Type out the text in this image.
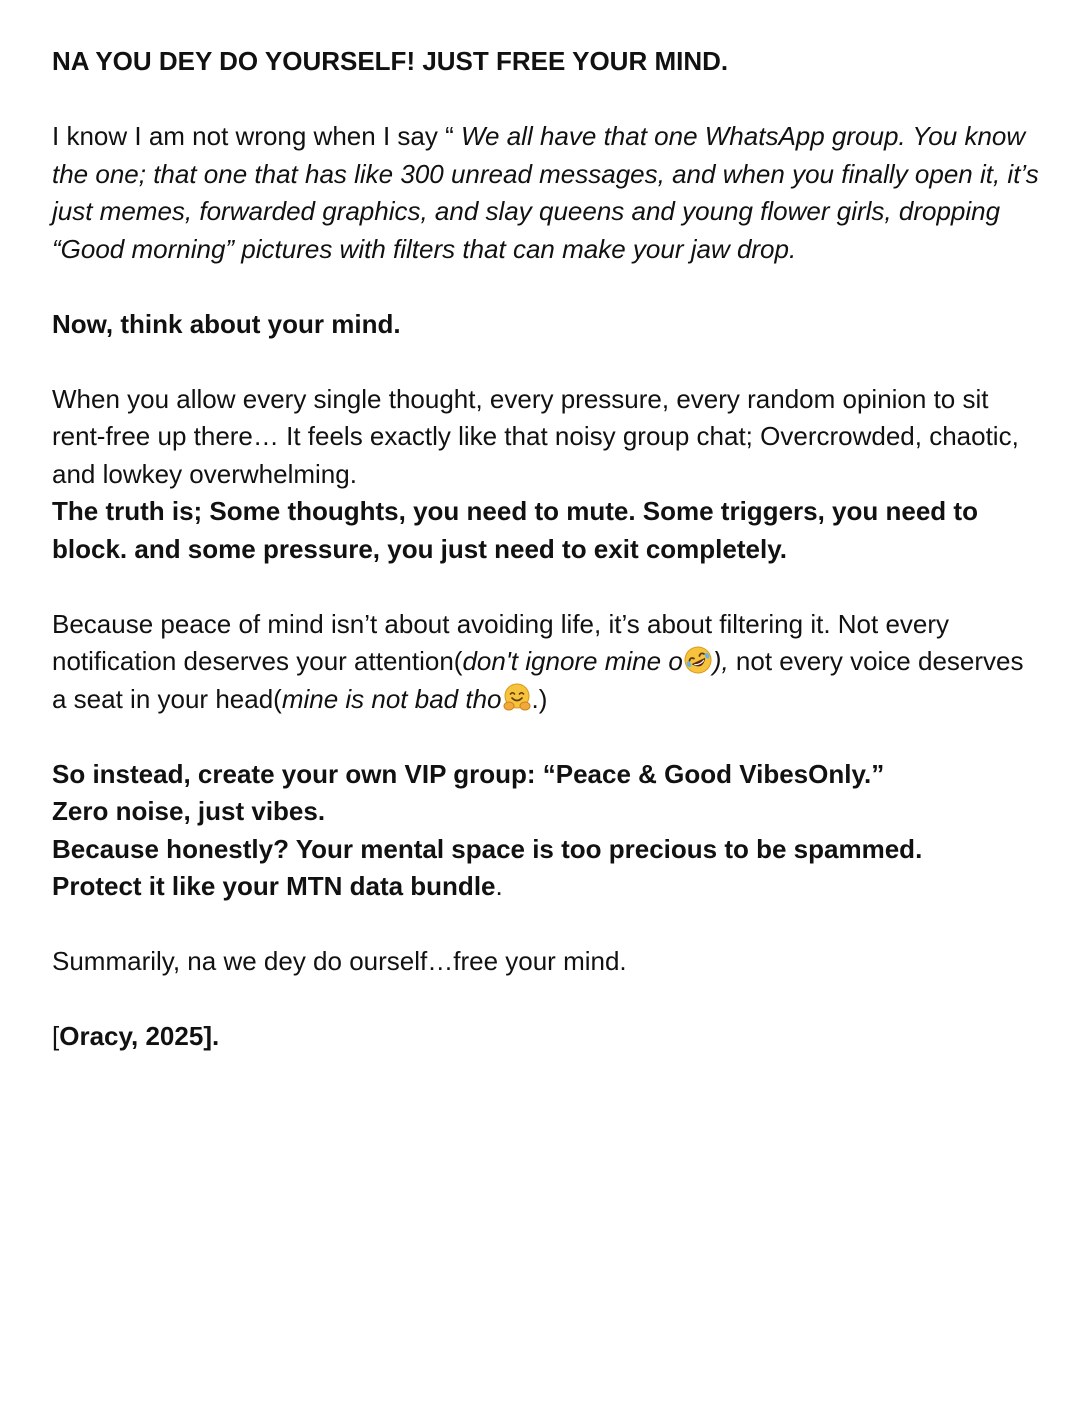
NA YOU DEY DO YOURSELF! JUST FREE YOUR MIND.

I know I am not wrong when I say “ We all have that one WhatsApp group. You know the one; that one that has like 300 unread messages, and when you finally open it, it’s just memes, forwarded graphics, and slay queens and young flower girls, dropping “Good morning” pictures with filters that can make your jaw drop.

Now, think about your mind.

When you allow every single thought, every pressure, every random opinion to sit rent-free up there… It feels exactly like that noisy group chat; Overcrowded, chaotic, and lowkey overwhelming.

The truth is; Some thoughts, you need to mute. Some triggers, you need to block. and some pressure, you just need to exit completely.

Because peace of mind isn’t about avoiding life, it’s about filtering it. Not every notification deserves your attention(don't ignore mine o ), not every voice deserves a seat in your head(mine is not bad tho .)

So instead, create your own VIP group: “Peace & Good VibesOnly.”

Zero noise, just vibes.

Because honestly? Your mental space is too precious to be spammed.

Protect it like your MTN data bundle.

Summarily, na we dey do ourself…free your mind.

[Oracy, 2025].
